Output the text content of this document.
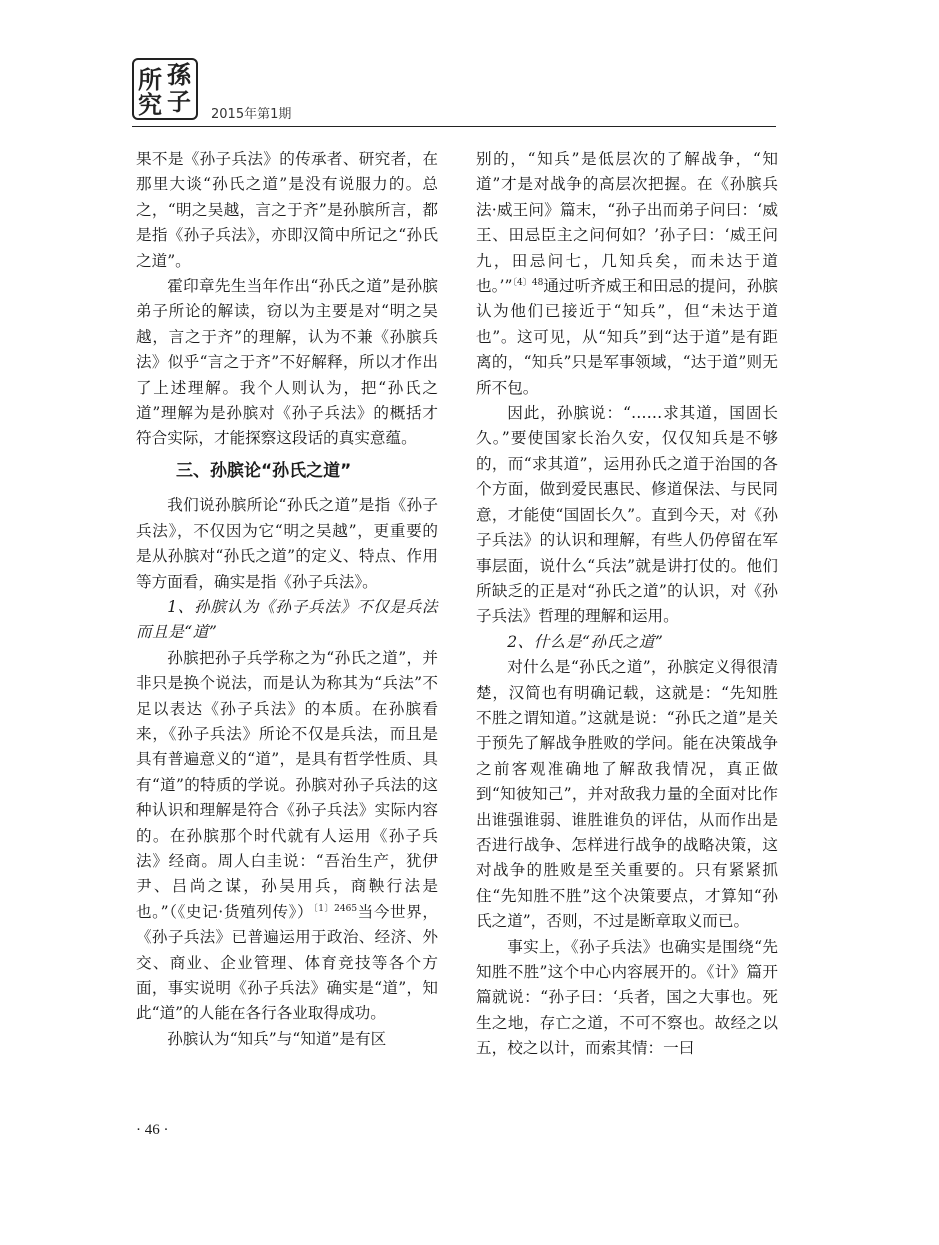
所 孫
究 子 2015年第1期

果不是《孙子兵法》的传承者、研究者，在那里大谈“孙氏之道”是没有说服力的。总之，“明之吴越，言之于齐”是孙膑所言，都是指《孙子兵法》，亦即汉简中所记之“孙氏之道”。

霍印章先生当年作出“孙氏之道”是孙膑弟子所论的解读，窃以为主要是对“明之吴越，言之于齐”的理解，认为不兼《孙膑兵法》似乎“言之于齐”不好解释，所以才作出了上述理解。我个人则认为，把“孙氏之道”理解为是孙膑对《孙子兵法》的概括才符合实际，才能探察这段话的真实意蕴。

三、孙膑论“孙氏之道”

我们说孙膑所论“孙氏之道”是指《孙子兵法》，不仅因为它“明之吴越”，更重要的是从孙膑对“孙氏之道”的定义、特点、作用等方面看，确实是指《孙子兵法》。

1、孙膑认为《孙子兵法》不仅是兵法而且是“道”

孙膑把孙子兵学称之为“孙氏之道”，并非只是换个说法，而是认为称其为“兵法”不足以表达《孙子兵法》的本质。在孙膑看来，《孙子兵法》所论不仅是兵法，而且是具有普遍意义的“道”，是具有哲学性质、具有“道”的特质的学说。孙膑对孙子兵法的这种认识和理解是符合《孙子兵法》实际内容的。在孙膑那个时代就有人运用《孙子兵法》经商。周人白圭说：“吾治生产，犹伊尹、吕尚之谋，孙吴用兵，商鞅行法是也。”（《史记·货殖列传》）$^{〔1〕2465}$当今世界，《孙子兵法》已普遍运用于政治、经济、外交、商业、企业管理、体育竞技等各个方面，事实说明《孙子兵法》确实是“道”，知此“道”的人能在各行各业取得成功。

孙膑认为“知兵”与“知道”是有区

别的，“知兵”是低层次的了解战争，“知道”才是对战争的高层次把握。在《孙膑兵法·威王问》篇末，“孙子出而弟子问曰：‘威王、田忌臣主之问何如？’孙子曰：‘威王问九，田忌问七，几知兵矣，而未达于道也。’”$^{〔4〕48}$通过听齐威王和田忌的提问，孙膑认为他们已接近于“知兵”，但“未达于道也”。这可见，从“知兵”到“达于道”是有距离的，“知兵”只是军事领域，“达于道”则无所不包。

因此，孙膑说：“……求其道，国固长久。”要使国家长治久安，仅仅知兵是不够的，而“求其道”，运用孙氏之道于治国的各个方面，做到爱民惠民、修道保法、与民同意，才能使“国固长久”。直到今天，对《孙子兵法》的认识和理解，有些人仍停留在军事层面，说什么“兵法”就是讲打仗的。他们所缺乏的正是对“孙氏之道”的认识，对《孙子兵法》哲理的理解和运用。

2、什么是“孙氏之道”

对什么是“孙氏之道”，孙膑定义得很清楚，汉简也有明确记载，这就是：“先知胜不胜之谓知道。”这就是说：“孙氏之道”是关于预先了解战争胜败的学问。能在决策战争之前客观准确地了解敌我情况，真正做到“知彼知己”，并对敌我力量的全面对比作出谁强谁弱、谁胜谁负的评估，从而作出是否进行战争、怎样进行战争的战略决策，这对战争的胜败是至关重要的。只有紧紧抓住“先知胜不胜”这个决策要点，才算知“孙氏之道”，否则，不过是断章取义而已。

事实上，《孙子兵法》也确实是围绕“先知胜不胜”这个中心内容展开的。《计》篇开篇就说：“孙子曰：‘兵者，国之大事也。死生之地，存亡之道，不可不察也。故经之以五，校之以计，而索其情：一曰

· 46 ·
